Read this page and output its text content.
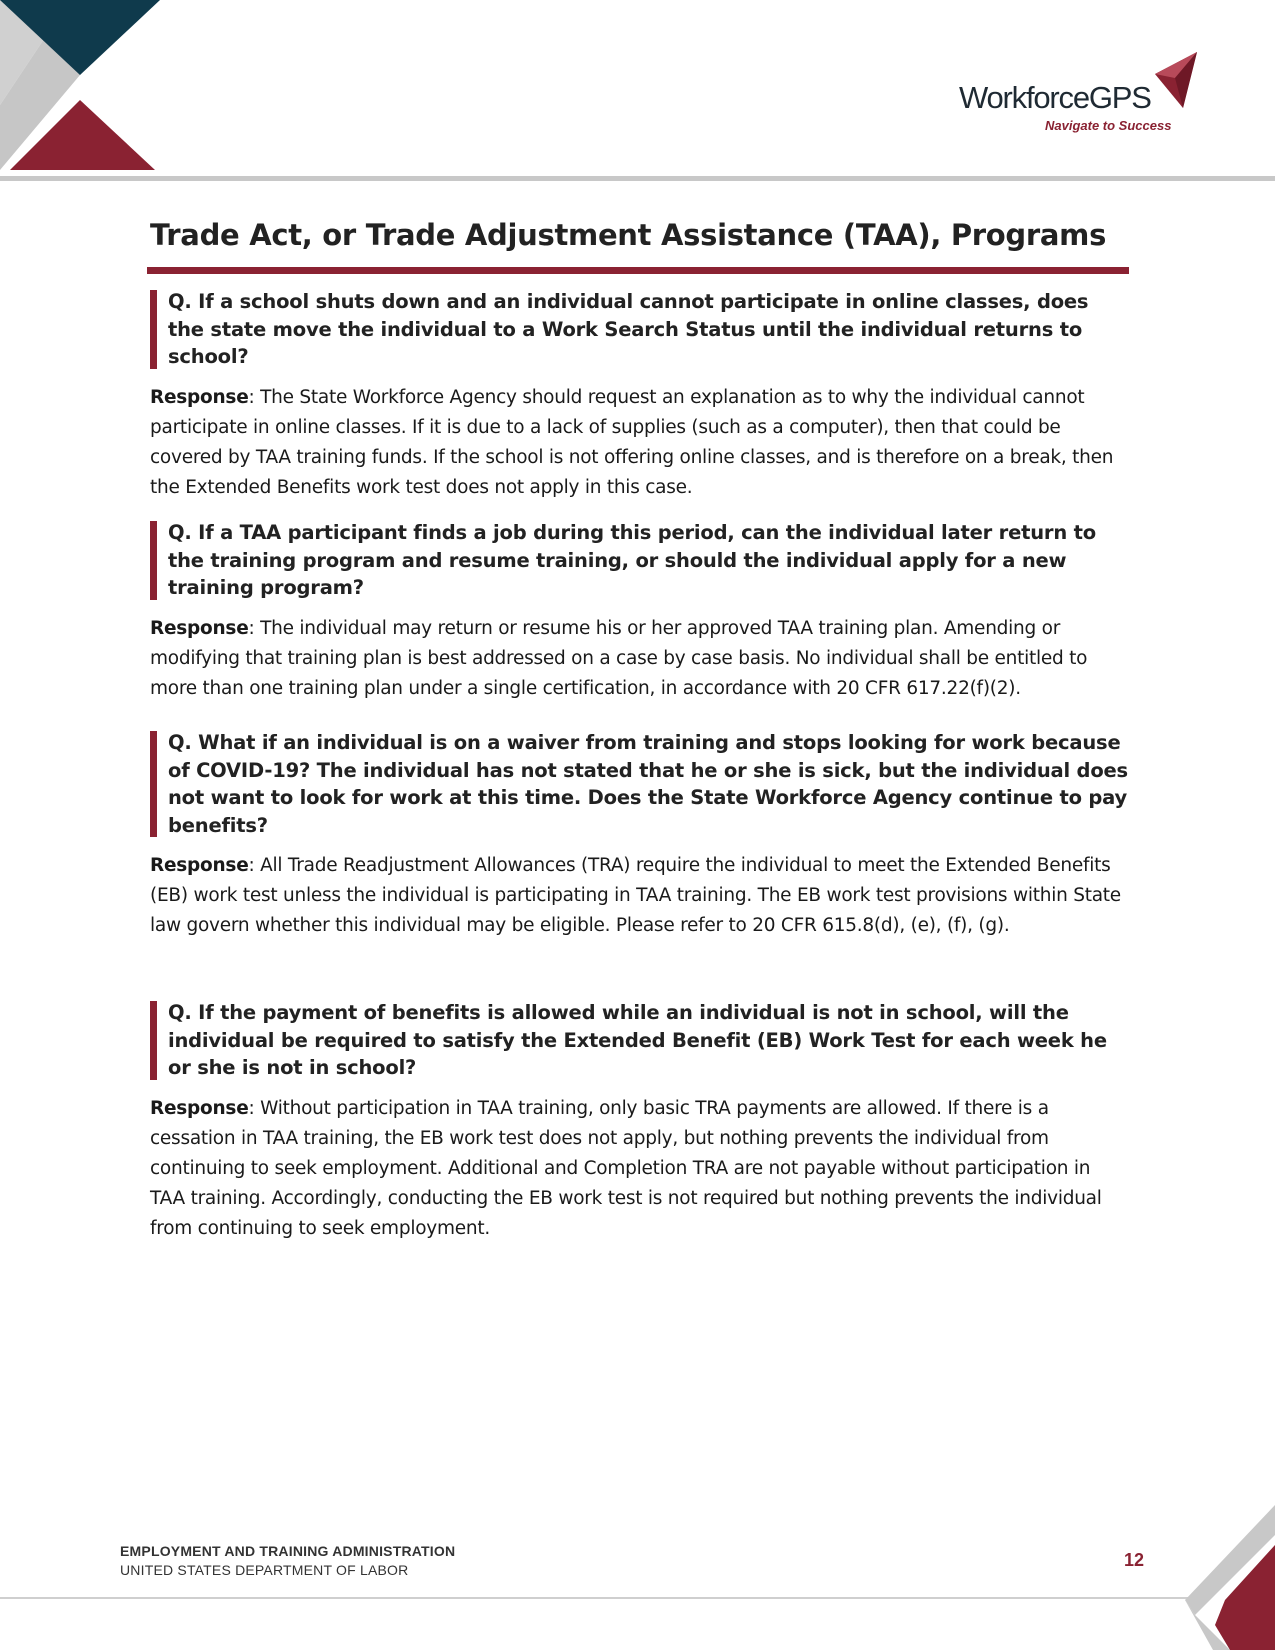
WorkforceGPS
Navigate to Success
Trade Act, or Trade Adjustment Assistance (TAA), Programs

Q. If a school shuts down and an individual cannot participate in online classes, does the state move the individual to a Work Search Status until the individual returns to school?

Response: The State Workforce Agency should request an explanation as to why the individual cannot participate in online classes. If it is due to a lack of supplies (such as a computer), then that could be covered by TAA training funds. If the school is not offering online classes, and is therefore on a break, then the Extended Benefits work test does not apply in this case.

Q. If a TAA participant finds a job during this period, can the individual later return to the training program and resume training, or should the individual apply for a new training program?

Response: The individual may return or resume his or her approved TAA training plan. Amending or modifying that training plan is best addressed on a case by case basis. No individual shall be entitled to more than one training plan under a single certification, in accordance with 20 CFR 617.22(f)(2).

Q. What if an individual is on a waiver from training and stops looking for work because of COVID-19? The individual has not stated that he or she is sick, but the individual does not want to look for work at this time. Does the State Workforce Agency continue to pay benefits?

Response: All Trade Readjustment Allowances (TRA) require the individual to meet the Extended Benefits (EB) work test unless the individual is participating in TAA training. The EB work test provisions within State law govern whether this individual may be eligible. Please refer to 20 CFR 615.8(d), (e), (f), (g).

Q. If the payment of benefits is allowed while an individual is not in school, will the individual be required to satisfy the Extended Benefit (EB) Work Test for each week he or she is not in school?

Response: Without participation in TAA training, only basic TRA payments are allowed. If there is a cessation in TAA training, the EB work test does not apply, but nothing prevents the individual from continuing to seek employment. Additional and Completion TRA are not payable without participation in TAA training. Accordingly, conducting the EB work test is not required but nothing prevents the individual from continuing to seek employment.

EMPLOYMENT AND TRAINING ADMINISTRATION
UNITED STATES DEPARTMENT OF LABOR	12
